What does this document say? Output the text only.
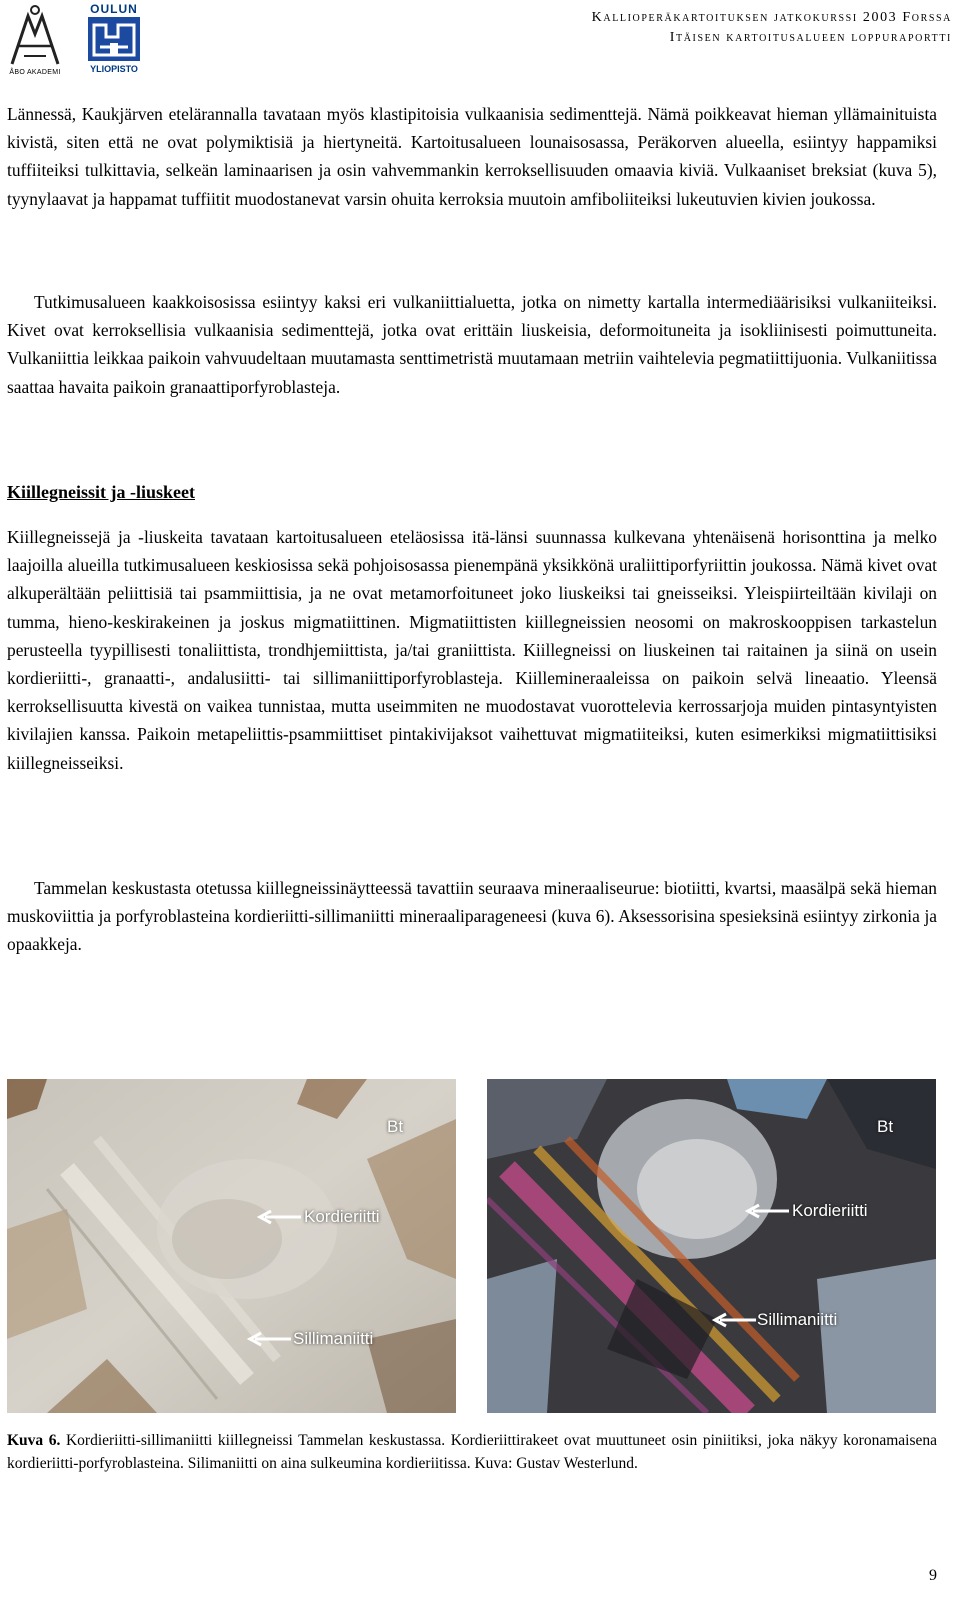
ÅBO AKADEMI
OULUN
YLIOPISTO
Kallioperäkartoituksen jatkokurssi 2003 Forssa
Itäisen kartoitusalueen loppuraportti

Lännessä, Kaukjärven etelärannalla tavataan myös klastipitoisia vulkaanisia sedimenttejä. Nämä poikkeavat hieman yllämainituista kivistä, siten että ne ovat polymiktisiä ja hiertyneitä. Kartoitusalueen lounaisosassa, Peräkorven alueella, esiintyy happamiksi tuffiiteiksi tulkittavia, selkeän laminaarisen ja osin vahvemmankin kerroksellisuuden omaavia kiviä. Vulkaaniset breksiat (kuva 5), tyynylaavat ja happamat tuffiitit muodostanevat varsin ohuita kerroksia muutoin amfiboliiteiksi lukeutuvien kivien joukossa.

Tutkimusalueen kaakkoisosissa esiintyy kaksi eri vulkaniittialuetta, jotka on nimetty kartalla intermediäärisiksi vulkaniiteiksi. Kivet ovat kerroksellisia vulkaanisia sedimenttejä, jotka ovat erittäin liuskeisia, deformoituneita ja isokliinisesti poimuttuneita. Vulkaniittia leikkaa paikoin vahvuudeltaan muutamasta senttimetristä muutamaan metriin vaihtelevia pegmatiittijuonia. Vulkaniitissa saattaa havaita paikoin granaattiporfyroblasteja.

Kiillegneissit ja -liuskeet

Kiillegneissejä ja -liuskeita tavataan kartoitusalueen eteläosissa itä-länsi suunnassa kulkevana yhtenäisenä horisonttina ja melko laajoilla alueilla tutkimusalueen keskiosissa sekä pohjoisosassa pienempänä yksikkönä uraliittiporfyriittin joukossa. Nämä kivet ovat alkuperältään peliittisiä tai psammiittisia, ja ne ovat metamorfoituneet joko liuskeiksi tai gneisseiksi. Yleispiirteiltään kivilaji on tumma, hieno-keskirakeinen ja joskus migmatiittinen. Migmatiittisten kiillegneissien neosomi on makroskooppisen tarkastelun perusteella tyypillisesti tonaliittista, trondhjemiittista, ja/tai graniittista. Kiillegneissi on liuskeinen tai raitainen ja siinä on usein kordieriitti-, granaatti-, andalusiitti- tai sillimaniittiporfyroblasteja. Kiillemineraaleissa on paikoin selvä lineaatio. Yleensä kerroksellisuutta kivestä on vaikea tunnistaa, mutta useimmiten ne muodostavat vuorottelevia kerrossarjoja muiden pintasyntyisten kivilajien kanssa. Paikoin metapeliittis-psammiittiset pintakivijaksot vaihettuvat migmatiiteiksi, kuten esimerkiksi migmatiittisiksi kiillegneisseiksi.

Tammelan keskustasta otetussa kiillegneissinäytteessä tavattiin seuraava mineraaliseurue: biotiitti, kvartsi, maasälpä sekä hieman muskoviittia ja porfyroblasteina kordieriitti-sillimaniitti mineraaliparageneesi (kuva 6). Aksessorisina spesieksinä esiintyy zirkonia ja opaakkeja.

Bt
Kordieriitti
Sillimaniitti
Bt
Kordieriitti
Sillimaniitti

Kuva 6. Kordieriitti-sillimaniitti kiillegneissi Tammelan keskustassa. Kordieriittirakeet ovat muuttuneet osin piniitiksi, joka näkyy koronamaisena kordieriitti-porfyroblasteina. Silimaniitti on aina sulkeumina kordieriitissa. Kuva: Gustav Westerlund.

9
